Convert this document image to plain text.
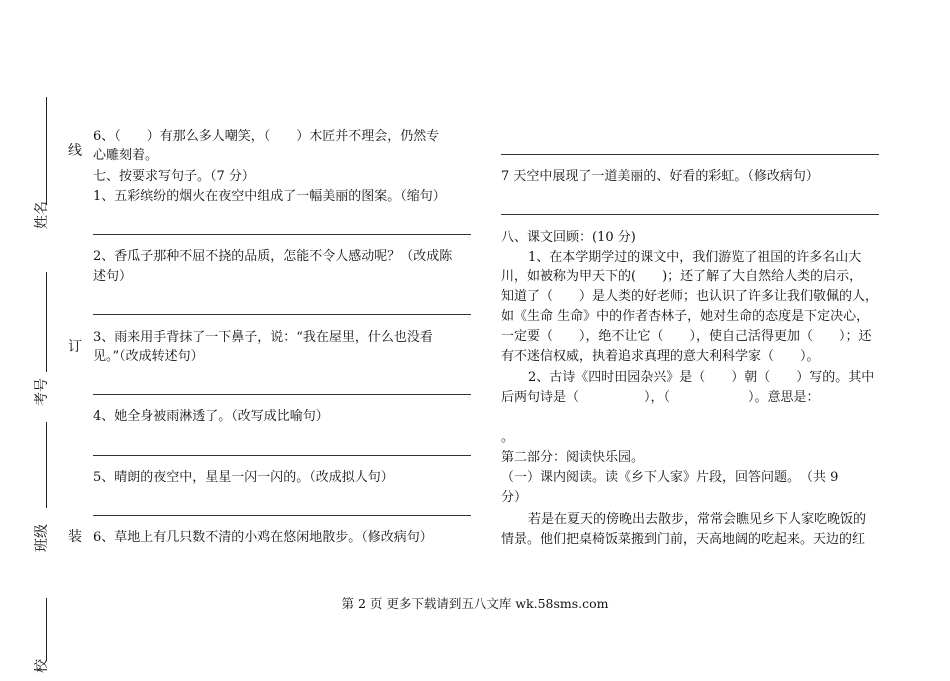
姓名
考号
班级
校
线
订
装
6、（　　）有那么多人嘲笑，（　　）木匠并不理会，仍然专
心雕刻着。
七、按要求写句子。（7 分）
1、五彩缤纷的烟火在夜空中组成了一幅美丽的图案。（缩句）
2、香瓜子那种不屈不挠的品质，怎能不令人感动呢？（改成陈
述句）
3、雨来用手背抹了一下鼻子，说：“我在屋里，什么也没看
见。”（改成转述句）
4、她全身被雨淋透了。（改写成比喻句）
5、晴朗的夜空中，星星一闪一闪的。（改成拟人句）
6、草地上有几只数不清的小鸡在悠闲地散步。（修改病句）
7 天空中展现了一道美丽的、好看的彩虹。（修改病句）
八、课文回顾：(10 分)
1、在本学期学过的课文中，我们游览了祖国的许多名山大
川，如被称为甲天下的(　　)；还了解了大自然给人类的启示，
知道了（　　）是人类的好老师；也认识了许多让我们敬佩的人，
如《生命 生命》中的作者杏林子，她对生命的态度是下定决心，
一定要（　　），绝不让它（　　），使自己活得更加（　　）；还
有不迷信权威，执着追求真理的意大利科学家（　　）。
2、古诗《四时田园杂兴》是（　　）朝（　　）写的。其中
后两句诗是（　　　　　），（　　　　　　）。意思是：
。
第二部分：阅读快乐园。
（一）课内阅读。读《乡下人家》片段，回答问题。　（共 9
分）
若是在夏天的傍晚出去散步，常常会瞧见乡下人家吃晚饭的
情景。他们把桌椅饭菜搬到门前，天高地阔的吃起来。天边的红
第 2 页 更多下载请到五八文库 wk.58sms.com
